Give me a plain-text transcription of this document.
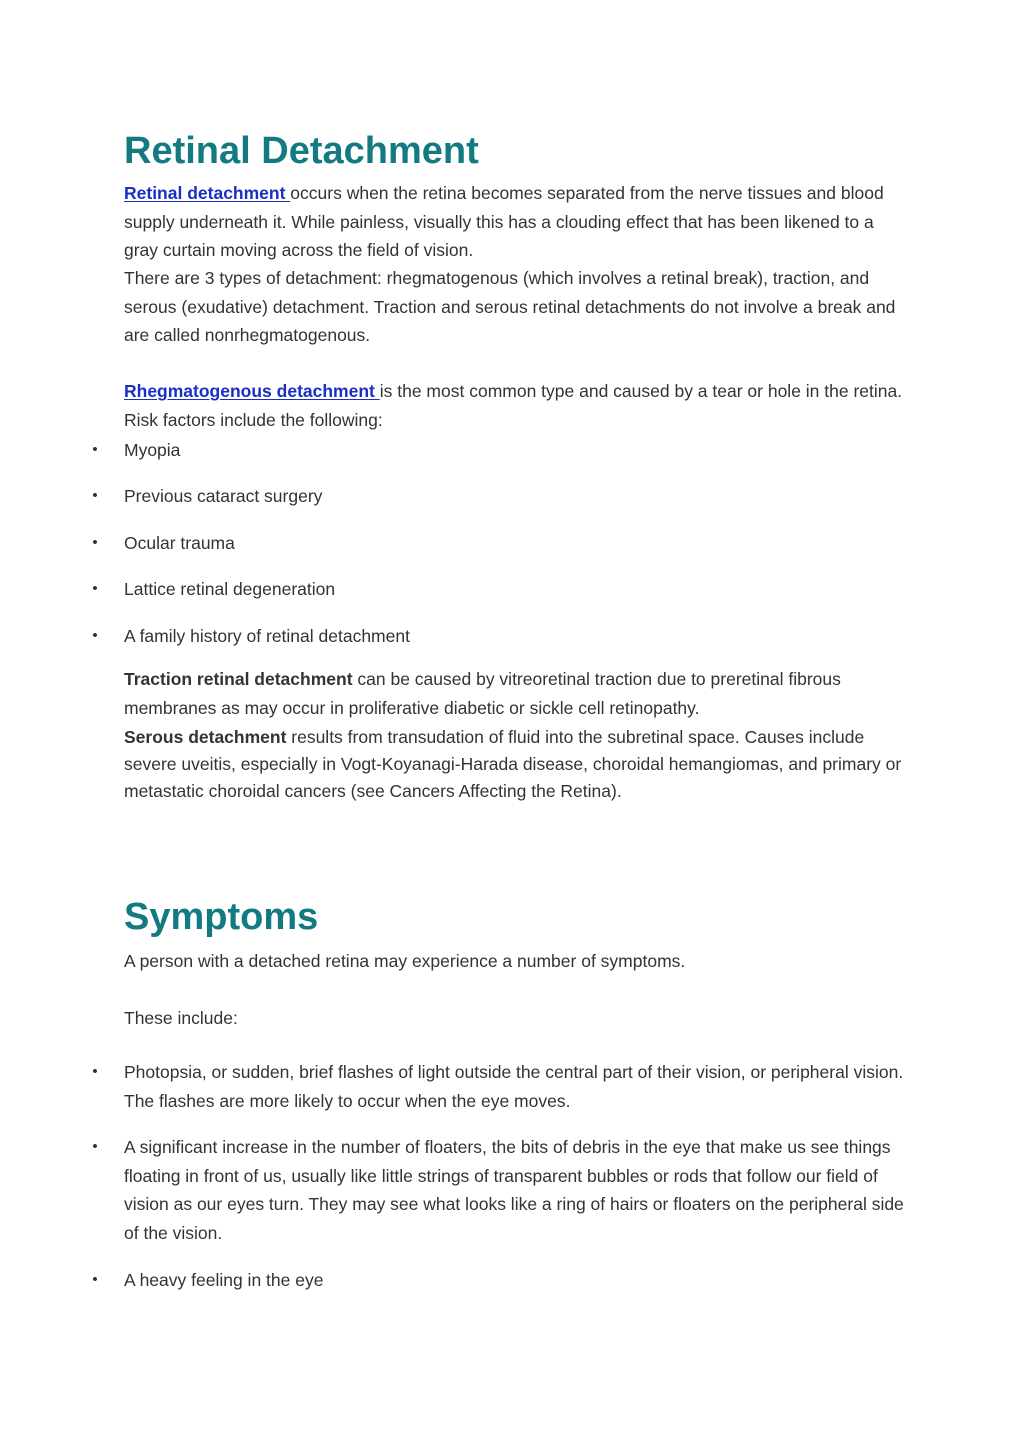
Retinal Detachment

Retinal detachment occurs when the retina becomes separated from the nerve tissues and blood supply underneath it. While painless, visually this has a clouding effect that has been likened to a gray curtain moving across the field of vision.

There are 3 types of detachment: rhegmatogenous (which involves a retinal break), traction, and serous (exudative) detachment. Traction and serous retinal detachments do not involve a break and are called nonrhegmatogenous.

Rhegmatogenous detachment is the most common type and caused by a tear or hole in the retina. Risk factors include the following:

• Myopia
• Previous cataract surgery
• Ocular trauma
• Lattice retinal degeneration
• A family history of retinal detachment

Traction retinal detachment can be caused by vitreoretinal traction due to preretinal fibrous membranes as may occur in proliferative diabetic or sickle cell retinopathy.

Serous detachment results from transudation of fluid into the subretinal space. Causes include severe uveitis, especially in Vogt-Koyanagi-Harada disease, choroidal hemangiomas, and primary or metastatic choroidal cancers (see Cancers Affecting the Retina).

Symptoms

A person with a detached retina may experience a number of symptoms.

These include:

• Photopsia, or sudden, brief flashes of light outside the central part of their vision, or peripheral vision. The flashes are more likely to occur when the eye moves.
• A significant increase in the number of floaters, the bits of debris in the eye that make us see things floating in front of us, usually like little strings of transparent bubbles or rods that follow our field of vision as our eyes turn. They may see what looks like a ring of hairs or floaters on the peripheral side of the vision.
• A heavy feeling in the eye
